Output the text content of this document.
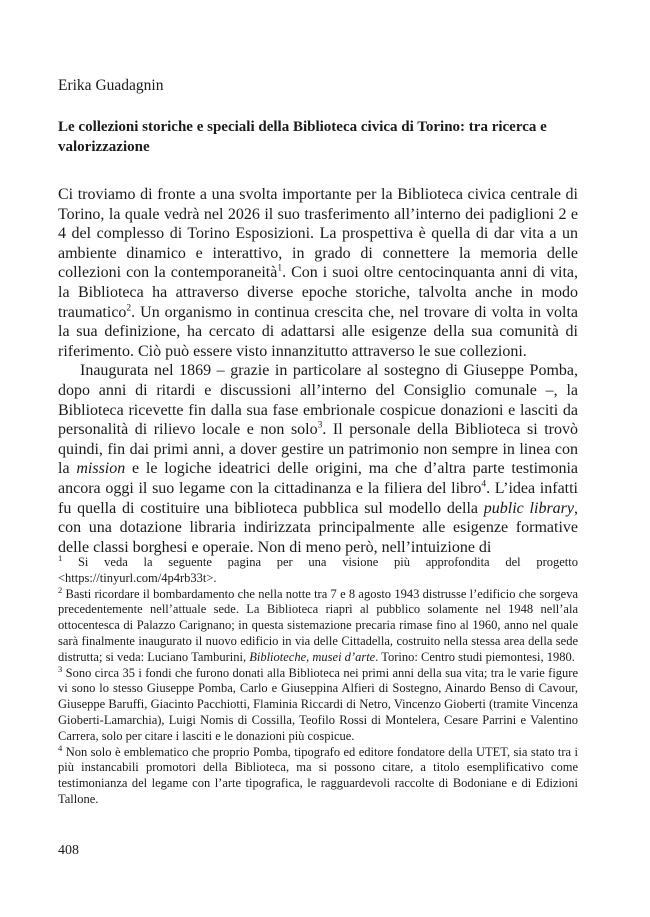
Erika Guadagnin
Le collezioni storiche e speciali della Biblioteca civica di Torino: tra ricerca e valorizzazione

Ci troviamo di fronte a una svolta importante per la Biblioteca civica centrale di Torino, la quale vedrà nel 2026 il suo trasferimento all’interno dei padiglioni 2 e 4 del complesso di Torino Esposizioni. La prospettiva è quella di dar vita a un ambiente dinamico e interattivo, in grado di connettere la memoria delle collezioni con la contemporaneità$^1$. Con i suoi oltre centocinquanta anni di vita, la Biblioteca ha attraverso diverse epoche storiche, talvolta anche in modo traumatico$^2$. Un organismo in continua crescita che, nel trovare di volta in volta la sua definizione, ha cercato di adattarsi alle esigenze della sua comunità di riferimento. Ciò può essere visto innanzitutto attraverso le sue collezioni.

Inaugurata nel 1869 – grazie in particolare al sostegno di Giuseppe Pomba, dopo anni di ritardi e discussioni all’interno del Consiglio comunale –, la Biblioteca ricevette fin dalla sua fase embrionale cospicue donazioni e lasciti da personalità di rilievo locale e non solo$^3$. Il personale della Biblioteca si trovò quindi, fin dai primi anni, a dover gestire un patrimonio non sempre in linea con la mission e le logiche ideatrici delle origini, ma che d’altra parte testimonia ancora oggi il suo legame con la cittadinanza e la filiera del libro$^4$. L’idea infatti fu quella di costituire una biblioteca pubblica sul modello della public library, con una dotazione libraria indirizzata principalmente alle esigenze formative delle classi borghesi e operaie. Non di meno però, nell’intuizione di

$^1$ Si veda la seguente pagina per una visione più approfondita del progetto <https://tinyurl.com/4p4rb33t>.

$^2$ Basti ricordare il bombardamento che nella notte tra 7 e 8 agosto 1943 distrusse l’edificio che sorgeva precedentemente nell’attuale sede. La Biblioteca riaprì al pubblico solamente nel 1948 nell’ala ottocentesca di Palazzo Carignano; in questa sistemazione precaria rimase fino al 1960, anno nel quale sarà finalmente inaugurato il nuovo edificio in via delle Cittadella, costruito nella stessa area della sede distrutta; si veda: Luciano Tamburini, Biblioteche, musei d’arte. Torino: Centro studi piemontesi, 1980.

$^3$ Sono circa 35 i fondi che furono donati alla Biblioteca nei primi anni della sua vita; tra le varie figure vi sono lo stesso Giuseppe Pomba, Carlo e Giuseppina Alfieri di Sostegno, Ainardo Benso di Cavour, Giuseppe Baruffi, Giacinto Pacchiotti, Flaminia Riccardi di Netro, Vincenzo Gioberti (tramite Vincenza Gioberti-Lamarchia), Luigi Nomis di Cossilla, Teofilo Rossi di Montelera, Cesare Parrini e Valentino Carrera, solo per citare i lasciti e le donazioni più cospicue.

$^4$ Non solo è emblematico che proprio Pomba, tipografo ed editore fondatore della UTET, sia stato tra i più instancabili promotori della Biblioteca, ma si possono citare, a titolo esemplificativo come testimonianza del legame con l’arte tipografica, le ragguardevoli raccolte di Bodoniane e di Edizioni Tallone.

408
